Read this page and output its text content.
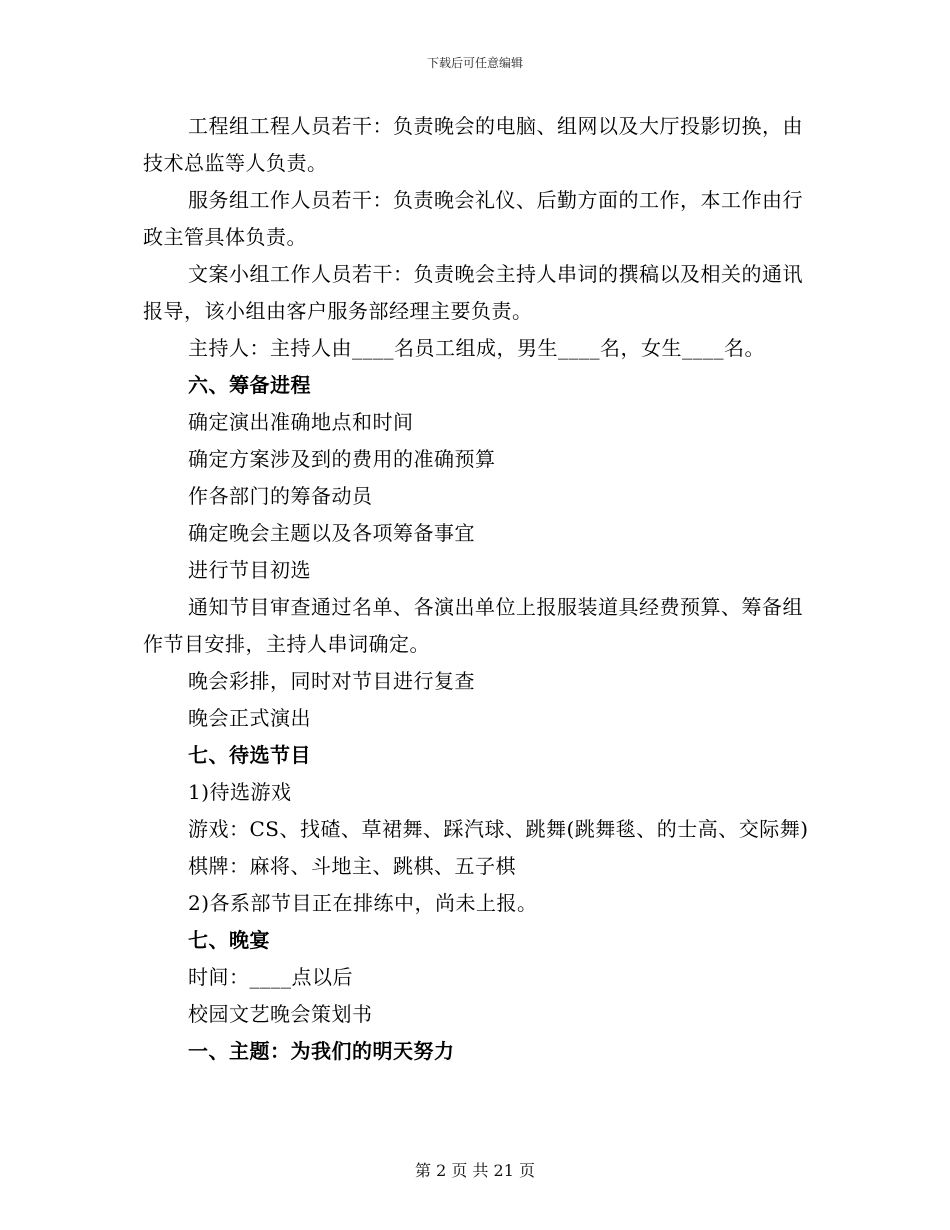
下载后可任意编辑

工程组工程人员若干：负责晚会的电脑、组网以及大厅投影切换，由技术总监等人负责。

服务组工作人员若干：负责晚会礼仪、后勤方面的工作，本工作由行政主管具体负责。

文案小组工作人员若干：负责晚会主持人串词的撰稿以及相关的通讯报导，该小组由客户服务部经理主要负责。

主持人：主持人由____名员工组成，男生____名，女生____名。

六、筹备进程

确定演出准确地点和时间

确定方案涉及到的费用的准确预算

作各部门的筹备动员

确定晚会主题以及各项筹备事宜

进行节目初选

通知节目审查通过名单、各演出单位上报服装道具经费预算、筹备组作节目安排，主持人串词确定。

晚会彩排，同时对节目进行复查

晚会正式演出

七、待选节目

1)待选游戏

游戏：CS、找碴、草裙舞、踩汽球、跳舞(跳舞毯、的士高、交际舞)

棋牌：麻将、斗地主、跳棋、五子棋

2)各系部节目正在排练中，尚未上报。

七、晚宴

时间：____点以后

校园文艺晚会策划书

一、主题：为我们的明天努力

第 2 页 共 21 页
